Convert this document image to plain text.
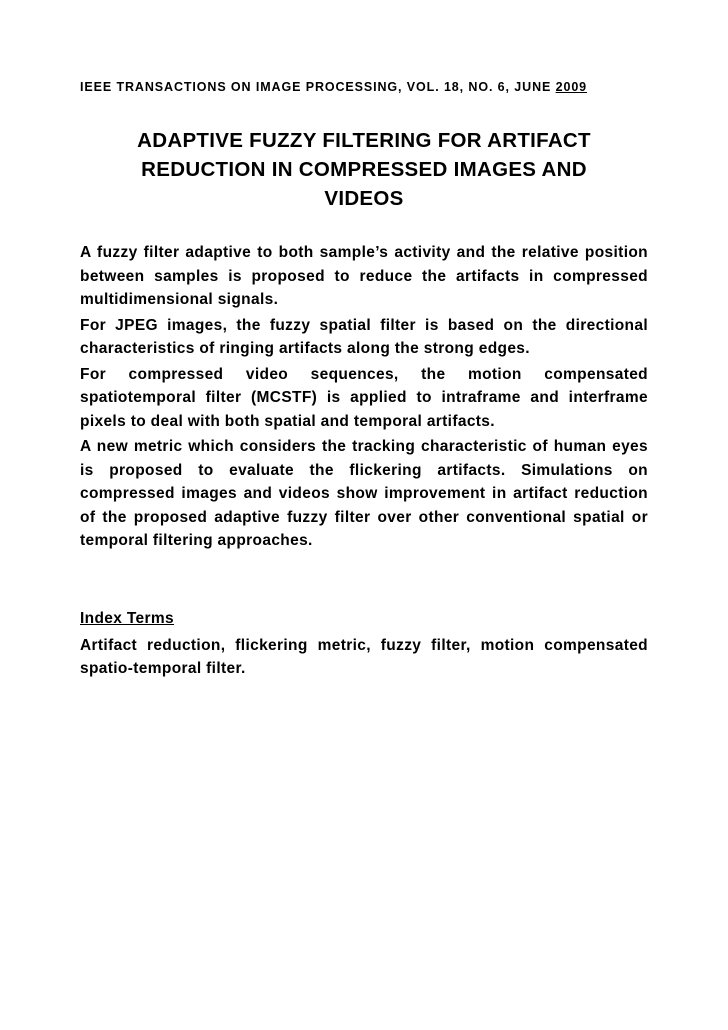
IEEE TRANSACTIONS ON IMAGE PROCESSING, VOL. 18, NO. 6, JUNE 2009
ADAPTIVE FUZZY FILTERING FOR ARTIFACT
REDUCTION IN COMPRESSED IMAGES AND
VIDEOS

A fuzzy filter adaptive to both sample’s activity and the relative position between samples is proposed to reduce the artifacts in compressed multidimensional signals.

For JPEG images, the fuzzy spatial filter is based on the directional characteristics of ringing artifacts along the strong edges.

For compressed video sequences, the motion compensated spatiotemporal filter (MCSTF) is applied to intraframe and interframe pixels to deal with both spatial and temporal artifacts.

A new metric which considers the tracking characteristic of human eyes is proposed to evaluate the flickering artifacts. Simulations on compressed images and videos show improvement in artifact reduction of the proposed adaptive fuzzy filter over other conventional spatial or temporal filtering approaches.

Index Terms

Artifact reduction, flickering metric, fuzzy filter, motion compensated spatio-temporal filter.
